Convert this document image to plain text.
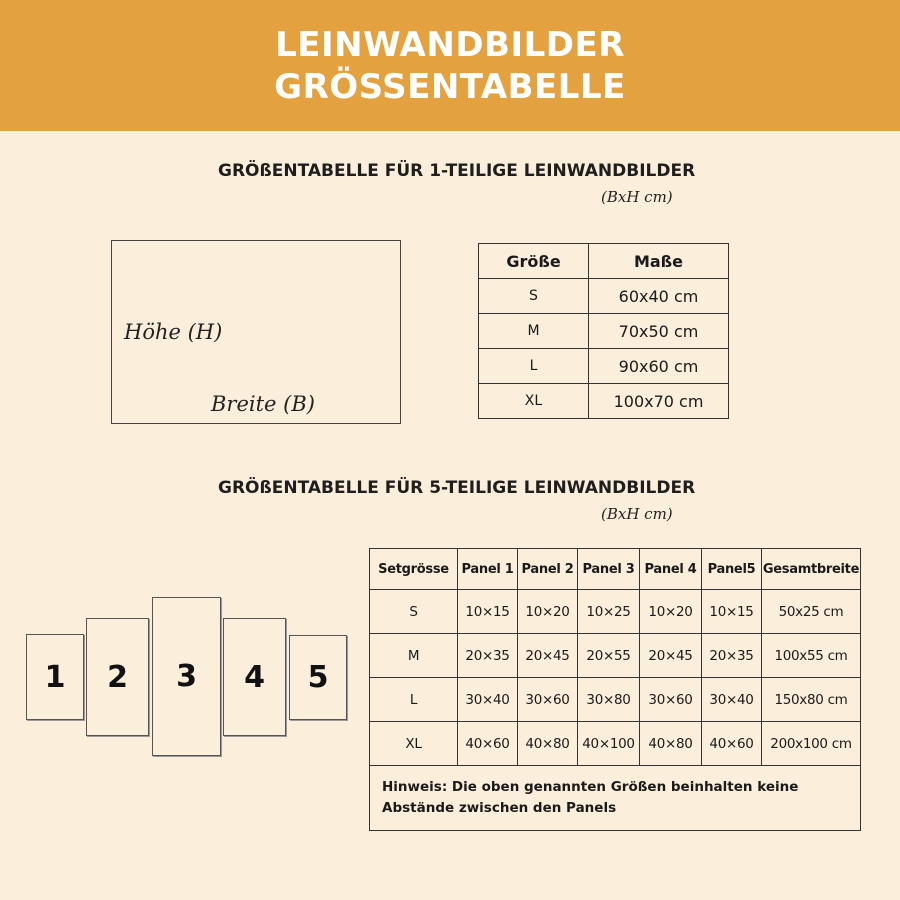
LEINWANDBILDER
GRÖSSENTABELLE
GRÖßENTABELLE FÜR 1-TEILIGE LEINWANDBILDER
(BxH cm)
Höhe (H)
Breite (B)
Größe	Maße
S	60x40 cm
M	70x50 cm
L	90x60 cm
XL	100x70 cm
GRÖßENTABELLE FÜR 5-TEILIGE LEINWANDBILDER
(BxH cm)
1 2 3 4 5
Setgrösse	Panel 1	Panel 2	Panel 3	Panel 4	Panel5	Gesamtbreite
S	10×15	10×20	10×25	10×20	10×15	50x25 cm
M	20×35	20×45	20×55	20×45	20×35	100x55 cm
L	30×40	30×60	30×80	30×60	30×40	150x80 cm
XL	40×60	40×80	40×100	40×80	40×60	200x100 cm

Hinweis: Die oben genannten Größen beinhalten keine
Abstände zwischen den Panels						
